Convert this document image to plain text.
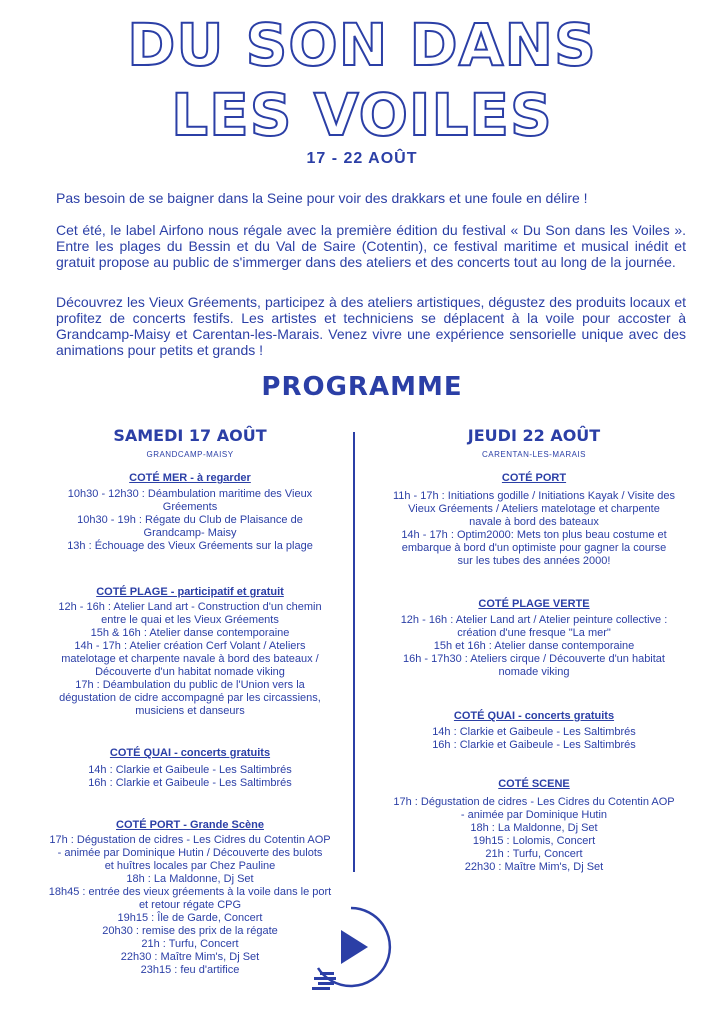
DU SON DANS
LES VOILES
17 - 22 AOÛT
Pas besoin de se baigner dans la Seine pour voir des drakkars et une foule en délire !
Cet été, le label Airfono nous régale avec la première édition du festival « Du Son dans les Voiles ». Entre les plages du Bessin et du Val de Saire (Cotentin), ce festival maritime et musical inédit et gratuit propose au public de s'immerger dans des ateliers et des concerts tout au long de la journée.
Découvrez les Vieux Gréements, participez à des ateliers artistiques, dégustez des produits locaux et profitez de concerts festifs. Les artistes et techniciens se déplacent à la voile pour accoster à Grandcamp-Maisy et Carentan-les-Marais. Venez vivre une expérience sensorielle unique avec des animations pour petits et grands !
PROGRAMME
SAMEDI 17 AOÛT
GRANDCAMP-MAISY
COTÉ MER - à regarder
10h30 - 12h30 : Déambulation maritime des Vieux
Gréements
10h30 - 19h : Régate du Club de Plaisance de
Grandcamp- Maisy
13h : Échouage des Vieux Gréements sur la plage
COTÉ PLAGE - participatif et gratuit
12h - 16h : Atelier Land art - Construction d'un chemin
entre le quai et les Vieux Gréements
15h & 16h : Atelier danse contemporaine
14h - 17h : Atelier création Cerf Volant / Ateliers
matelotage et charpente navale à bord des bateaux /
Découverte d'un habitat nomade viking
17h : Déambulation du public de l'Union vers la
dégustation de cidre accompagné par les circassiens,
musiciens et danseurs
COTÉ QUAI - concerts gratuits
14h : Clarkie et Gaibeule - Les Saltimbrés
16h : Clarkie et Gaibeule - Les Saltimbrés
COTÉ PORT - Grande Scène
17h : Dégustation de cidres - Les Cidres du Cotentin AOP
- animée par Dominique Hutin / Découverte des bulots
et huîtres locales par Chez Pauline
18h : La Maldonne, Dj Set
18h45 : entrée des vieux gréements à la voile dans le port
et retour régate CPG
19h15 : Île de Garde, Concert
20h30 : remise des prix de la régate
21h : Turfu, Concert
22h30 : Maître Mim's, Dj Set
23h15 : feu d'artifice
JEUDI 22 AOÛT
CARENTAN-LES-MARAIS
COTÉ PORT
11h - 17h : Initiations godille / Initiations Kayak / Visite des
Vieux Gréements / Ateliers matelotage et charpente
navale à bord des bateaux
14h - 17h : Optim2000: Mets ton plus beau costume et
embarque à bord d'un optimiste pour gagner la course
sur les tubes des années 2000!
COTÉ PLAGE VERTE
12h - 16h : Atelier Land art / Atelier peinture collective :
création d'une fresque "La mer"
15h et 16h : Atelier danse contemporaine
16h - 17h30 : Ateliers cirque / Découverte d'un habitat
nomade viking
COTÉ QUAI - concerts gratuits
14h : Clarkie et Gaibeule - Les Saltimbrés
16h : Clarkie et Gaibeule - Les Saltimbrés
COTÉ SCENE
17h : Dégustation de cidres - Les Cidres du Cotentin AOP
- animée par Dominique Hutin
18h : La Maldonne, Dj Set
19h15 : Lolomis, Concert
21h : Turfu, Concert
22h30 : Maître Mim's, Dj Set
